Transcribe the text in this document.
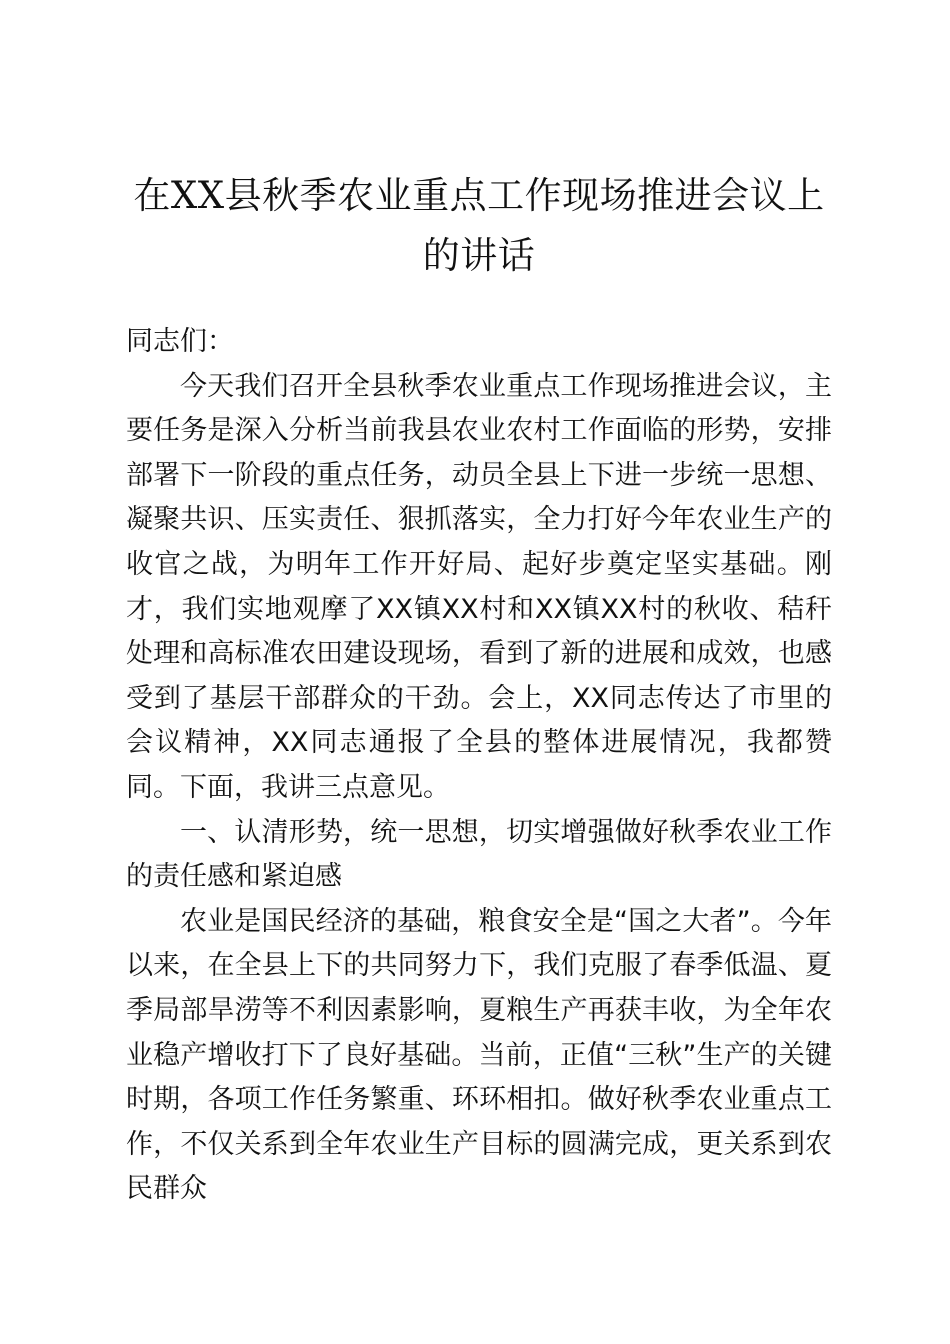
在XX县秋季农业重点工作现场推进会议上的讲话

同志们：

今天我们召开全县秋季农业重点工作现场推进会议，主要任务是深入分析当前我县农业农村工作面临的形势，安排部署下一阶段的重点任务，动员全县上下进一步统一思想、凝聚共识、压实责任、狠抓落实，全力打好今年农业生产的收官之战，为明年工作开好局、起好步奠定坚实基础。刚才，我们实地观摩了XX镇XX村和XX镇XX村的秋收、秸秆处理和高标准农田建设现场，看到了新的进展和成效，也感受到了基层干部群众的干劲。会上，XX同志传达了市里的会议精神，XX同志通报了全县的整体进展情况，我都赞同。下面，我讲三点意见。

一、认清形势，统一思想，切实增强做好秋季农业工作的责任感和紧迫感

农业是国民经济的基础，粮食安全是“国之大者”。今年以来，在全县上下的共同努力下，我们克服了春季低温、夏季局部旱涝等不利因素影响，夏粮生产再获丰收，为全年农业稳产增收打下了良好基础。当前，正值“三秋”生产的关键时期，各项工作任务繁重、环环相扣。做好秋季农业重点工作，不仅关系到全年农业生产目标的圆满完成，更关系到农民群众
